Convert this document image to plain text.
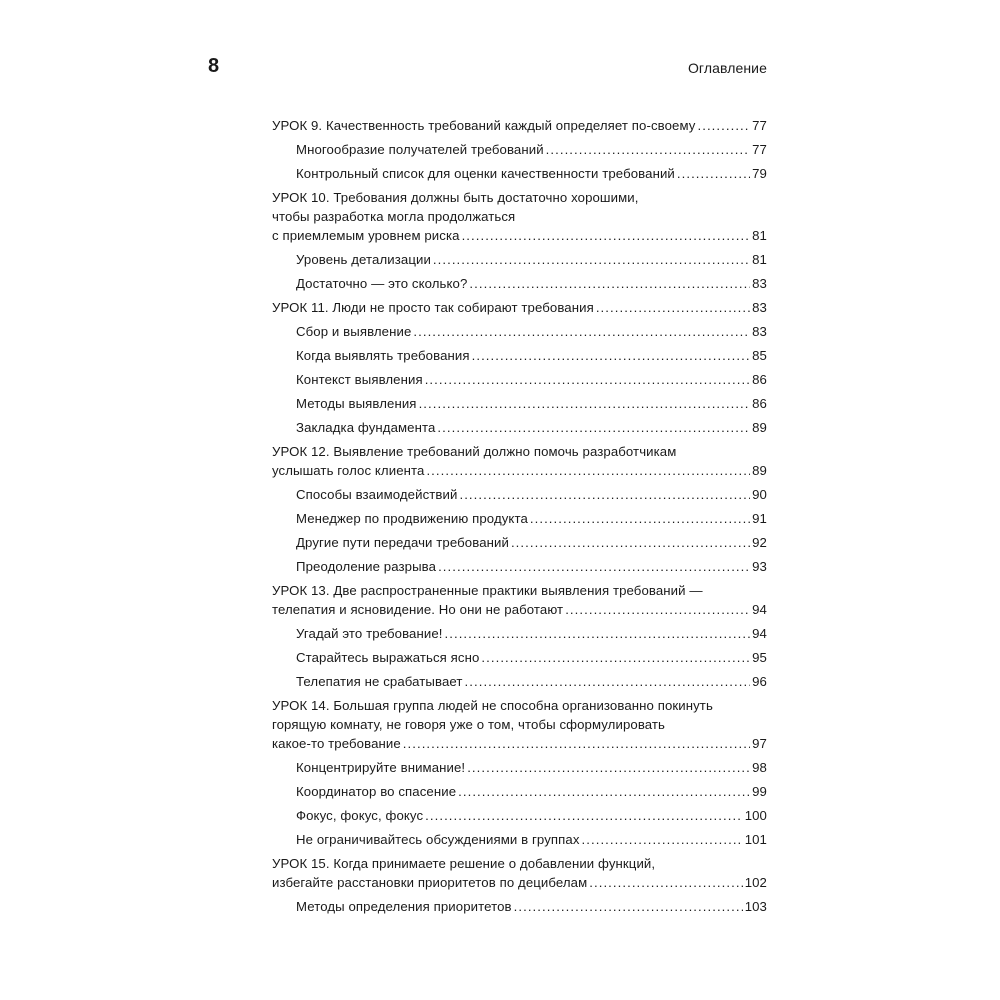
8	Оглавление
УРОК 9. Качественность требований каждый определяет по-своему . . .	77
Многообразие получателей требований . . .	77
Контрольный список для оценки качественности требований . . .	79
УРОК 10. Требования должны быть достаточно хорошими,
чтобы разработка могла продолжаться
с приемлемым уровнем риска . . .	81
Уровень детализации . . .	81
Достаточно — это сколько? . . .	83
УРОК 11. Люди не просто так собирают требования . . .	83
Сбор и выявление . . .	83
Когда выявлять требования . . .	85
Контекст выявления . . .	86
Методы выявления . . .	86
Закладка фундамента . . .	89
УРОК 12. Выявление требований должно помочь разработчикам
услышать голос клиента . . .	89
Способы взаимодействий . . .	90
Менеджер по продвижению продукта . . .	91
Другие пути передачи требований . . .	92
Преодоление разрыва . . .	93
УРОК 13. Две распространенные практики выявления требований —
телепатия и ясновидение. Но они не работают . . .	94
Угадай это требование! . . .	94
Старайтесь выражаться ясно . . .	95
Телепатия не срабатывает . . .	96
УРОК 14. Большая группа людей не способна организованно покинуть
горящую комнату, не говоря уже о том, чтобы сформулировать
какое-то требование . . .	97
Концентрируйте внимание! . . .	98
Координатор во спасение . . .	99
Фокус, фокус, фокус . . .	100
Не ограничивайтесь обсуждениями в группах . . .	101
УРОК 15. Когда принимаете решение о добавлении функций,
избегайте расстановки приоритетов по децибелам . . .	102
Методы определения приоритетов . . .	103
